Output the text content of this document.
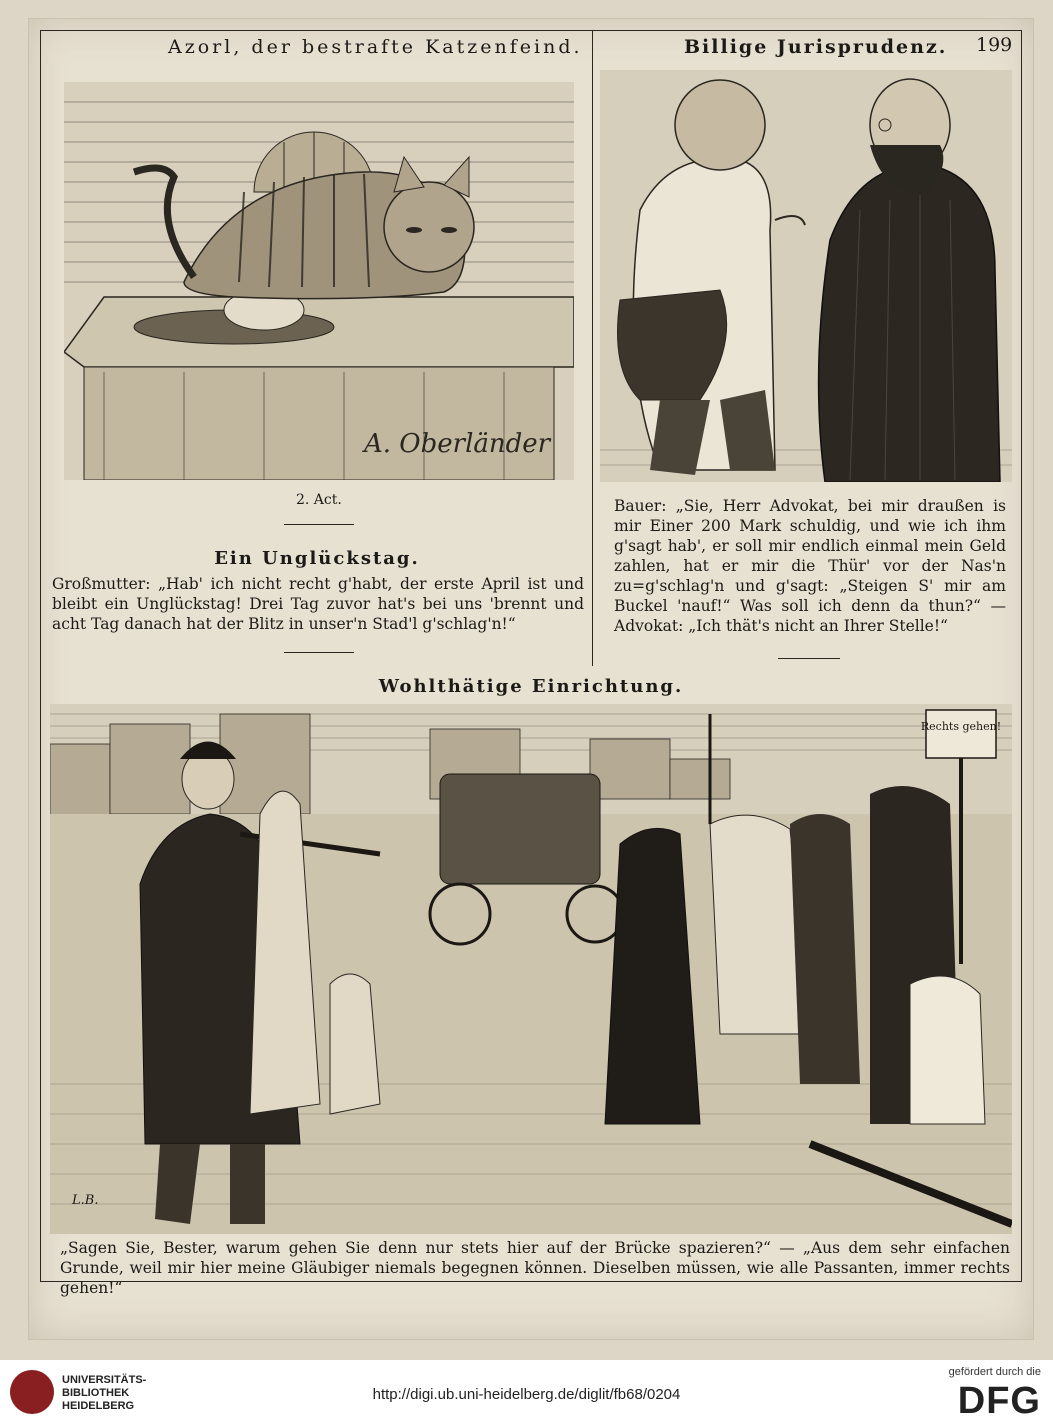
Azorl, der bestrafte Katzenfeind.
A. Oberländer
2. Act.
Ein Unglückstag.
Großmutter: „Hab' ich nicht recht g'habt, der erste April ist und bleibt ein Unglückstag! Drei Tag zuvor hat's bei uns 'brennt und acht Tag danach hat der Blitz in unser'n Stad'l g'schlag'n!“
Billige Jurisprudenz. 199
Bauer: „Sie, Herr Advokat, bei mir draußen is mir Einer 200 Mark schuldig, und wie ich ihm g'sagt hab', er soll mir endlich einmal mein Geld zahlen, hat er mir die Thür' vor der Nas'n zu=g'schlag'n und g'sagt: „Steigen S' mir am Buckel 'nauf!“ Was soll ich denn da thun?“ — Advokat: „Ich thät's nicht an Ihrer Stelle!“
Wohlthätige Einrichtung.
Rechts gehen!
L.B.
„Sagen Sie, Bester, warum gehen Sie denn nur stets hier auf der Brücke spazieren?“ — „Aus dem sehr einfachen Grunde, weil mir hier meine Gläubiger niemals begegnen können. Dieselben müssen, wie alle Passanten, immer rechts gehen!“
UNIVERSITÄTS-
BIBLIOTHEK
HEIDELBERG
http://digi.ub.uni-heidelberg.de/diglit/fb68/0204
gefördert durch die
DFG
